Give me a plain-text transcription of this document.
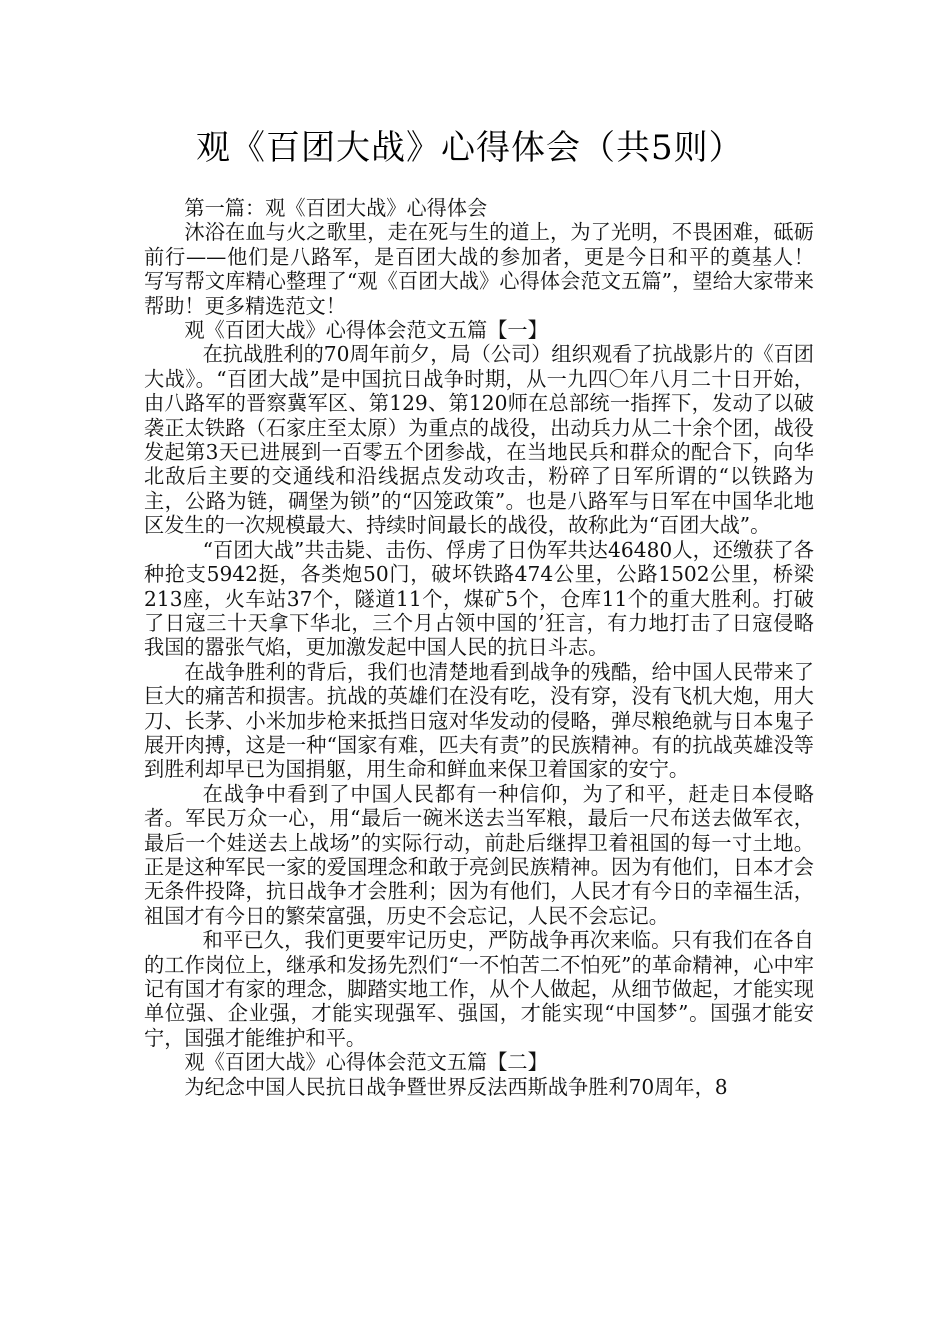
观《百团大战》心得体会（共5则）

第一篇：观《百团大战》心得体会

沐浴在血与火之歌里，走在死与生的道上，为了光明，不畏困难，砥砺前行——他们是八路军，是百团大战的参加者，更是今日和平的奠基人！　写写帮文库精心整理了“观《百团大战》心得体会范文五篇”，望给大家带来帮助！更多精选范文！

观《百团大战》心得体会范文五篇【一】

在抗战胜利的70周年前夕，局（公司）组织观看了抗战影片的《百团大战》。“百团大战”是中国抗日战争时期，从一九四〇年八月二十日开始，由八路军的晋察冀军区、第129、第120师在总部统一指挥下，发动了以破袭正太铁路（石家庄至太原）为重点的战役，出动兵力从二十余个团，战役发起第3天已进展到一百零五个团参战，在当地民兵和群众的配合下，向华北敌后主要的交通线和沿线据点发动攻击，粉碎了日军所谓的“以铁路为主，公路为链，碉堡为锁”的“囚笼政策”。也是八路军与日军在中国华北地区发生的一次规模最大、持续时间最长的战役，故称此为“百团大战”。

“百团大战”共击毙、击伤、俘虏了日伪军共达46480人，还缴获了各种抢支5942挺，各类炮50门，破坏铁路474公里，公路1502公里，桥梁213座，火车站37个，隧道11个，煤矿5个，仓库11个的重大胜利。打破了日寇三十天拿下华北，三个月占领中国的’狂言，有力地打击了日寇侵略我国的嚣张气焰，更加激发起中国人民的抗日斗志。

在战争胜利的背后，我们也清楚地看到战争的残酷，给中国人民带来了巨大的痛苦和损害。抗战的英雄们在没有吃，没有穿，没有飞机大炮，用大刀、长茅、小米加步枪来抵挡日寇对华发动的侵略，弹尽粮绝就与日本鬼子展开肉搏，这是一种“国家有难，匹夫有责”的民族精神。有的抗战英雄没等到胜利却早已为国捐躯，用生命和鲜血来保卫着国家的安宁。

在战争中看到了中国人民都有一种信仰，为了和平，赶走日本侵略者。军民万众一心，用“最后一碗米送去当军粮，最后一尺布送去做军衣，最后一个娃送去上战场”的实际行动，前赴后继捍卫着祖国的每一寸土地。正是这种军民一家的爱国理念和敢于亮剑民族精神。因为有他们，日本才会无条件投降，抗日战争才会胜利；因为有他们，人民才有今日的幸福生活，祖国才有今日的繁荣富强，历史不会忘记，人民不会忘记。

和平已久，我们更要牢记历史，严防战争再次来临。只有我们在各自的工作岗位上，继承和发扬先烈们“一不怕苦二不怕死”的革命精神，心中牢记有国才有家的理念，脚踏实地工作，从个人做起，从细节做起，才能实现单位强、企业强，才能实现强军、强国，才能实现“中国梦”。国强才能安宁，国强才能维护和平。

观《百团大战》心得体会范文五篇【二】

为纪念中国人民抗日战争暨世界反法西斯战争胜利70周年，8
